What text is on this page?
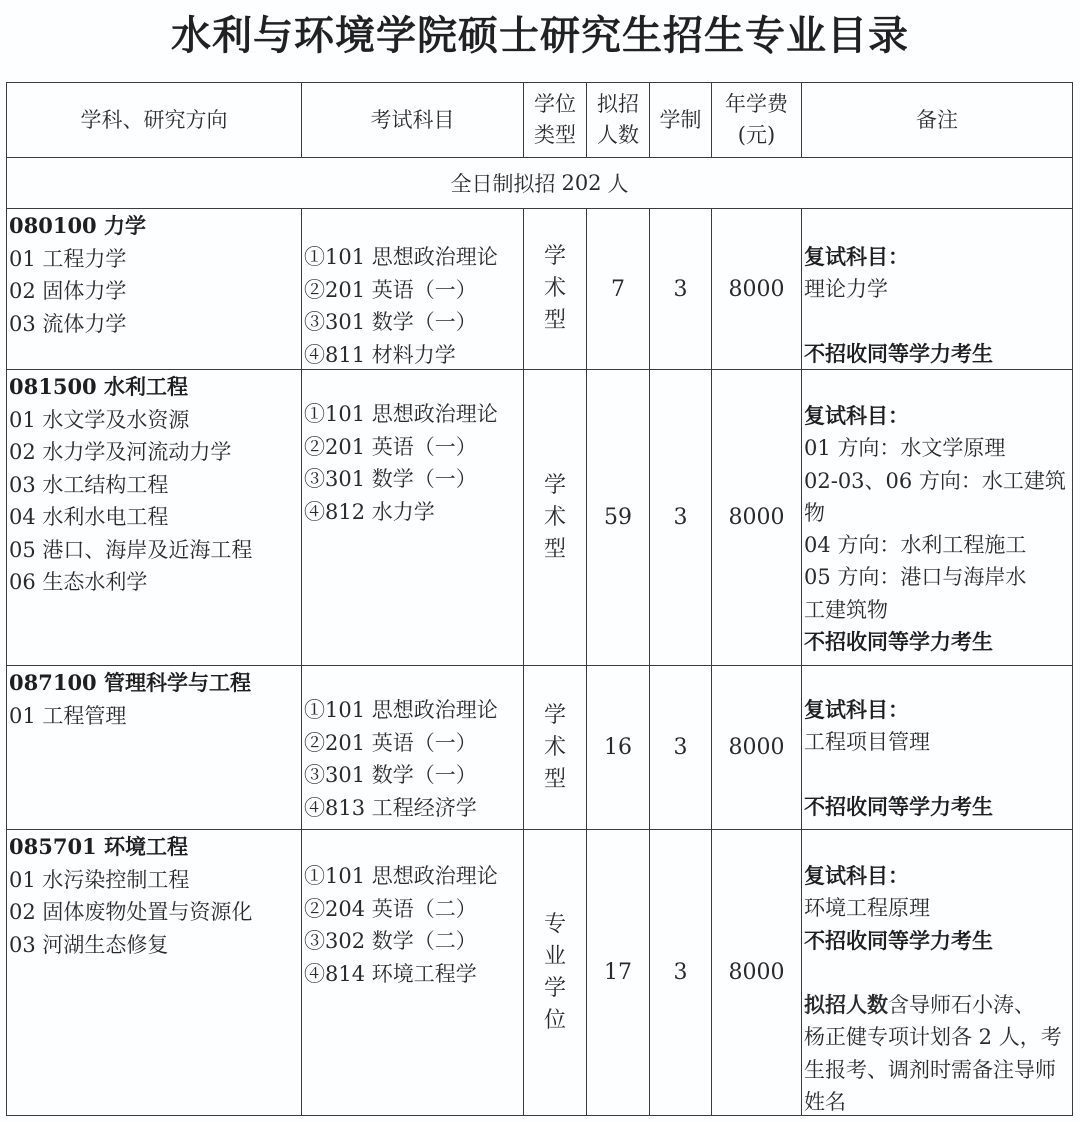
水利与环境学院硕士研究生招生专业目录
学科、研究方向	考试科目
学位
类型
拟招
人数
学制
年学费
(元)
备注
全日制拟招 202 人
080100 力学
01 工程力学
02 固体力学
03 流体力学
①101 思想政治理论
②201 英语（一）
③301 数学（一）
④811 材料力学
学
术
型
7 3 8000
复试科目：
理论力学
不招收同等学力考生
081500 水利工程
01 水文学及水资源
02 水力学及河流动力学
03 水工结构工程
04 水利水电工程
05 港口、海岸及近海工程
06 生态水利学
①101 思想政治理论
②201 英语（一）
③301 数学（一）
④812 水力学
学
术
型
59 3 8000
复试科目：
01 方向：水文学原理
02-03、06 方向：水工建筑
物
04 方向：水利工程施工
05 方向：港口与海岸水
工建筑物
不招收同等学力考生
087100 管理科学与工程
01 工程管理	①101 思想政治理论
②201 英语（一）
③301 数学（一）
④813 工程经济学
学
术
型
16 3 8000
复试科目：
工程项目管理
不招收同等学力考生
085701 环境工程
01 水污染控制工程
02 固体废物处置与资源化
03 河湖生态修复
①101 思想政治理论
②204 英语（二）
③302 数学（二）
④814 环境工程学
专
业
学
位
17 3 8000
复试科目：
环境工程原理
不招收同等学力考生
拟招人数含导师石小涛、
杨正健专项计划各 2 人，考
生报考、调剂时需备注导师
姓名
